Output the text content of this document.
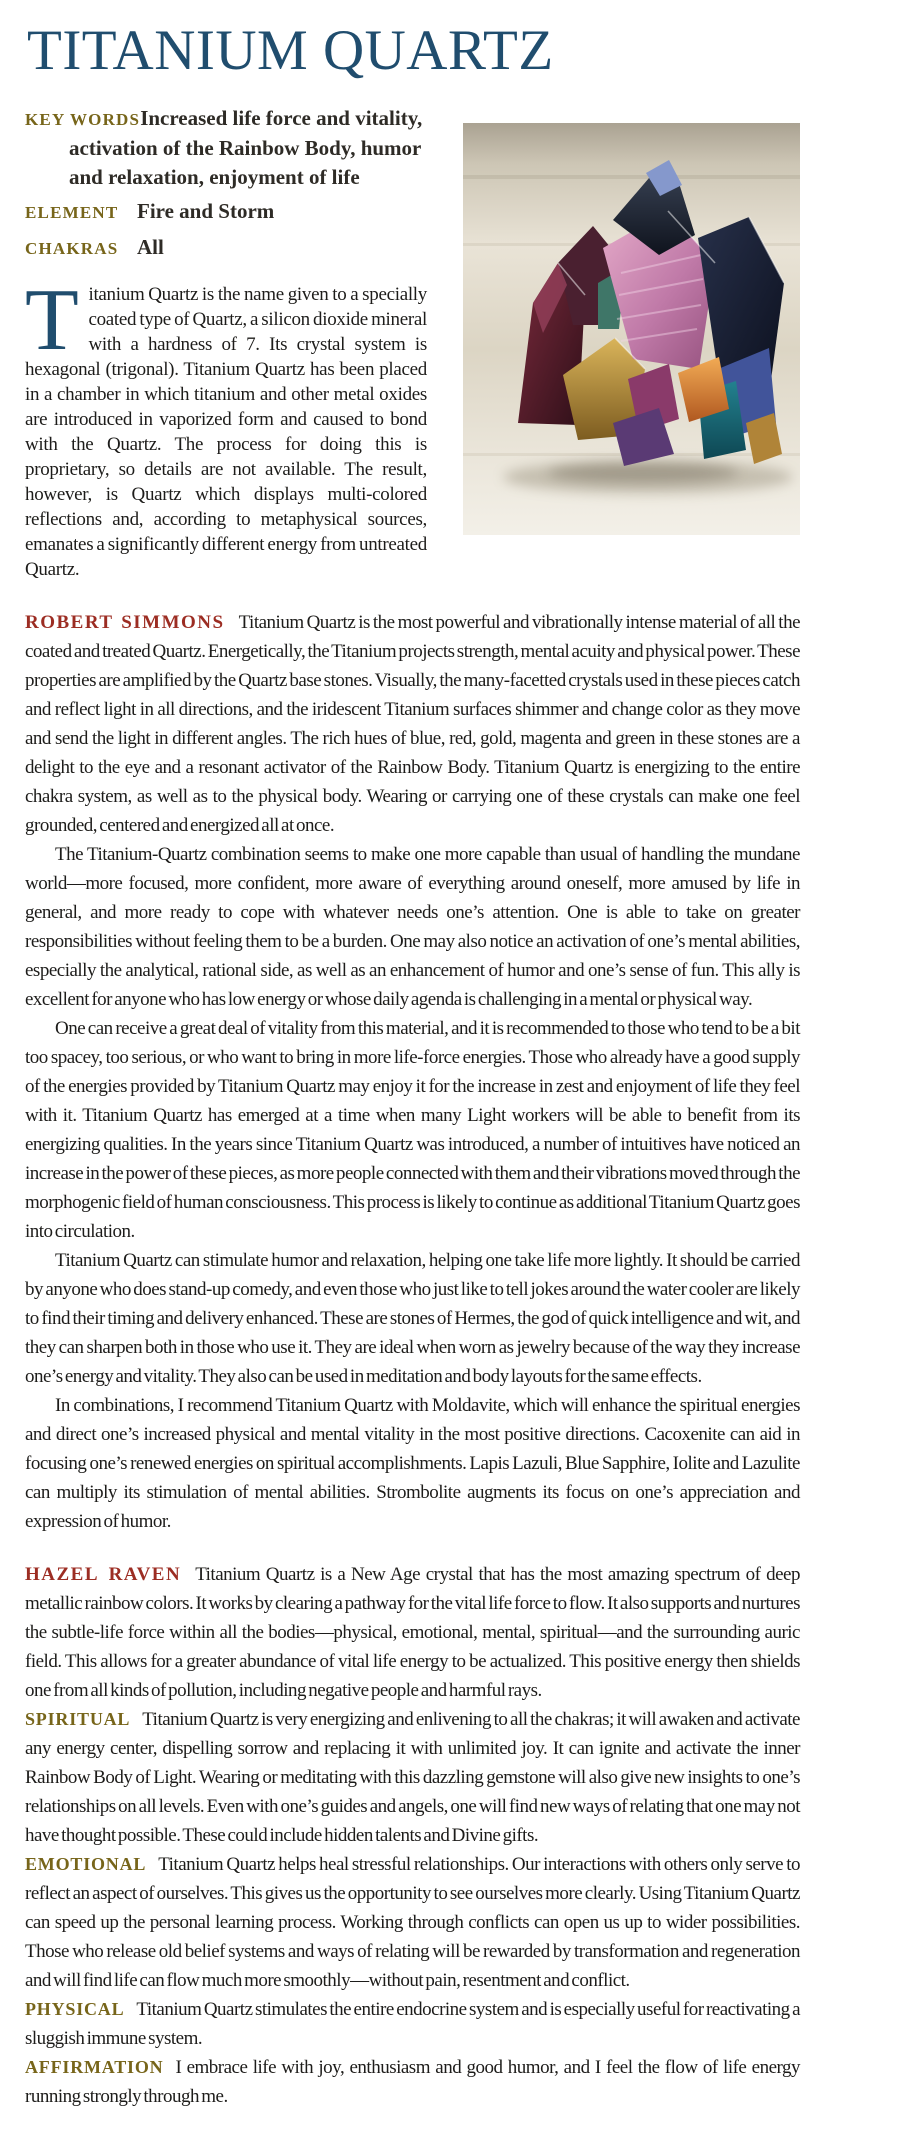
TITANIUM QUARTZ
KEY WORDSIncreased life force and vitality,
activation of the Rainbow Body, humor
and relaxation, enjoyment of life
ELEMENT Fire and Storm
CHAKRAS All

Titanium Quartz is the name given to a specially coated type of Quartz, a silicon dioxide mineral with a hardness of 7. Its crystal system is hexagonal (trigonal). Titanium Quartz has been placed in a chamber in which titanium and other metal oxides are introduced in vaporized form and caused to bond with the Quartz. The process for doing this is proprietary, so details are not available. The result, however, is Quartz which displays multi-colored reflections and, according to metaphysical sources, emanates a significantly different energy from untreated Quartz.

ROBERT SIMMONS Titanium Quartz is the most powerful and vibrationally intense material of all the coated and treated Quartz. Energetically, the Titanium projects strength, mental acuity and physical power. These properties are amplified by the Quartz base stones. Visually, the many-facetted crystals used in these pieces catch and reflect light in all directions, and the iridescent Titanium surfaces shimmer and change color as they move and send the light in different angles. The rich hues of blue, red, gold, magenta and green in these stones are a delight to the eye and a resonant activator of the Rainbow Body. Titanium Quartz is energizing to the entire chakra system, as well as to the physical body. Wearing or carrying one of these crystals can make one feel grounded, centered and energized all at once.

The Titanium-Quartz combination seems to make one more capable than usual of handling the mundane world—more focused, more confident, more aware of everything around oneself, more amused by life in general, and more ready to cope with whatever needs one’s attention. One is able to take on greater responsibilities without feeling them to be a burden. One may also notice an activation of one’s mental abilities, especially the analytical, rational side, as well as an enhancement of humor and one’s sense of fun. This ally is excellent for anyone who has low energy or whose daily agenda is challenging in a mental or physical way.

One can receive a great deal of vitality from this material, and it is recommended to those who tend to be a bit too spacey, too serious, or who want to bring in more life-force energies. Those who already have a good supply of the energies provided by Titanium Quartz may enjoy it for the increase in zest and enjoyment of life they feel with it. Titanium Quartz has emerged at a time when many Light workers will be able to benefit from its energizing qualities. In the years since Titanium Quartz was introduced, a number of intuitives have noticed an increase in the power of these pieces, as more people connected with them and their vibrations moved through the morphogenic field of human consciousness. This process is likely to continue as additional Titanium Quartz goes into circulation.

Titanium Quartz can stimulate humor and relaxation, helping one take life more lightly. It should be carried by anyone who does stand-up comedy, and even those who just like to tell jokes around the water cooler are likely to find their timing and delivery enhanced. These are stones of Hermes, the god of quick intelligence and wit, and they can sharpen both in those who use it. They are ideal when worn as jewelry because of the way they increase one’s energy and vitality. They also can be used in meditation and body layouts for the same effects.

In combinations, I recommend Titanium Quartz with Moldavite, which will enhance the spiritual energies and direct one’s increased physical and mental vitality in the most positive directions. Cacoxenite can aid in focusing one’s renewed energies on spiritual accomplishments. Lapis Lazuli, Blue Sapphire, Iolite and Lazulite can multiply its stimulation of mental abilities. Strombolite augments its focus on one’s appreciation and expression of humor.

HAZEL RAVEN Titanium Quartz is a New Age crystal that has the most amazing spectrum of deep metallic rainbow colors. It works by clearing a pathway for the vital life force to flow. It also supports and nurtures the subtle-life force within all the bodies—physical, emotional, mental, spiritual—and the surrounding auric field. This allows for a greater abundance of vital life energy to be actualized. This positive energy then shields one from all kinds of pollution, including negative people and harmful rays.

SPIRITUAL Titanium Quartz is very energizing and enlivening to all the chakras; it will awaken and activate any energy center, dispelling sorrow and replacing it with unlimited joy. It can ignite and activate the inner Rainbow Body of Light. Wearing or meditating with this dazzling gemstone will also give new insights to one’s relationships on all levels. Even with one’s guides and angels, one will find new ways of relating that one may not have thought possible. These could include hidden talents and Divine gifts.

EMOTIONAL Titanium Quartz helps heal stressful relationships. Our interactions with others only serve to reflect an aspect of ourselves. This gives us the opportunity to see ourselves more clearly. Using Titanium Quartz can speed up the personal learning process. Working through conflicts can open us up to wider possibilities. Those who release old belief systems and ways of relating will be rewarded by transformation and regeneration and will find life can flow much more smoothly—without pain, resentment and conflict.

PHYSICAL Titanium Quartz stimulates the entire endocrine system and is especially useful for reactivating a sluggish immune system.

AFFIRMATION I embrace life with joy, enthusiasm and good humor, and I feel the flow of life energy running strongly through me.
